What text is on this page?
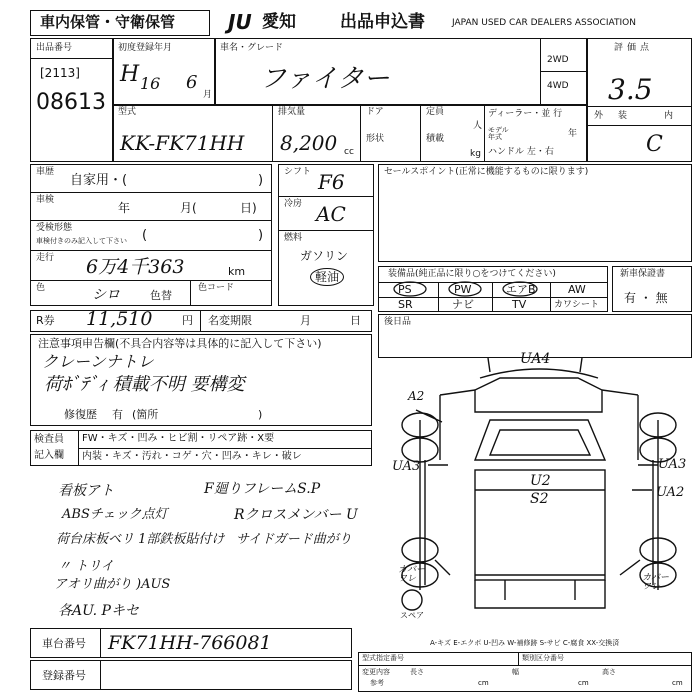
車内保管・守衛保管	JU 愛知	出品申込書	JAPAN USED CAR DEALERS ASSOCIATION
出品番号
[2113]
08613
初度登録年月
H 16 6
月
車名・グレード
ファイター
2WD
4WD
評価点
3.5
外 装	内
C
型式
KK-FK71HH
排気量
8,200 cc
ドア
形状
定員
人
積載
kg
ディーラー・並 行
モデル 年式	年
ハンドル 左・右
車歴
自家用・(	)
車検
年	月(	日)
受検形態
車検付きのみ記入して下さい (	)
走行 6万4千363	km
色	シロ	色替
色コード
シフト F6
冷房 AC
燃料
ガソリン
軽油
セールスポイント(正常に機能するものに限ります)
装備品(純正品に限り○をつけてください)
PS	PW	エアB	AW
SR	ナビ	TV	カワシート
新車保證書
有 ・ 無
R券 11,510	円 名変期限	月	日	後日品
注意事項申告欄(不具合内容等は具体的に記入して下さい)
クレーンナトレ
荷ﾎﾞﾃﾞｨ 積載不明 要構変
修復歴 有 (箇所	)
検査員
記入欄
FW・キズ・凹み・ヒビ割・リペア跡・X要
内装・キズ・汚れ・コゲ・穴・凹み・キレ・破レ
看板アト	F廻りフレームS.P
ABSチェック点灯	Rクロスメンバー U
荷台床板ベリ 1部鉄板貼付け サイドガード曲がり
〃 トリイ
アオリ曲がり )AUS
各AU. Pキセ
UA4
A2
UA3	UA3
U2
S2	UA2
カバー ワレ	カバー ワレ
スペア
A-キズ E-エクボ U-凹み W-補修跡 S-サビ C-腐食 XX-交換済
車台番号 FK71HH-766081
登録番号
型式指定番号	類別区分番号
変更内容
参考
長さ
cm
幅
cm
高さ
cm
